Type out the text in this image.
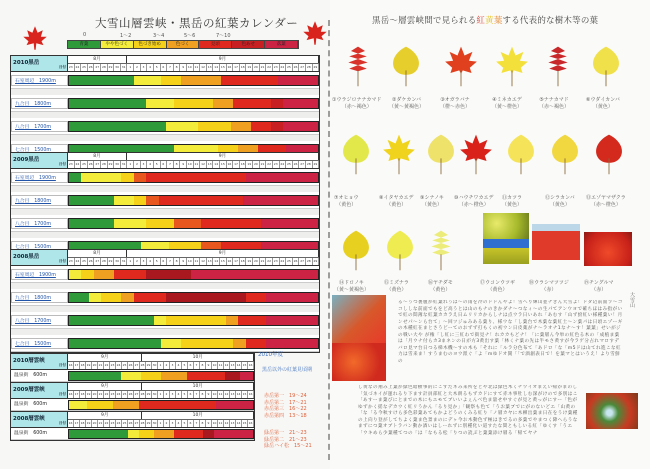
大雪山層雲峡・黒岳の紅葉カレンダー
0	1～2	3～4	5～6	7～10
青葉	やや色づく	色づき始め	色づく	見頃	色あせ	落葉
2010黒岳
日付
8月	9月
23 24 25 26 27 28 29 30 31	1	2	3	4	5	6	7	8	9	10 11 12 13 14 15 16 17 18 19 20 21 22 23 24 25 26 27 28 29
石室周辺　1900m
九合目　1800m
八合目　1700m
七合目　1500m
2009黒岳
日付
8月	9月
23 24 25 26 27 28 29 30 31	1	2	3	4	5	6	7	8	9	10 11 12 13 14 15 16 17 18 19 20 21 22 23 24 25 26 27 28 29
石室周辺　1900m
九合目　1800m
八合目　1700m
七合目　1500m
2008黒岳
日付
8月	9月
23 24 25 26 27 28 29 30 31	1	2	3	4	5	6	7	8	9	10 11 12 13 14 15 16 17 18 19 20 21 22 23 24 25 26 27 28 29
石室周辺　1900m
九合目　1800m
八合目　1700m
七合目　1500m
2010層雲峡
日付
9月	10月
16 17 18 19 20 21 22 23 24 25 26 27 28 29 30	1	2	3	4	5	6	7	8	9	10 11 12 13 14 15 16
温泉街　600m
2009層雲峡
日付
9月	10月
16 17 18 19 20 21 22 23 24 25 26 27 28 29 30	1	2	3	4	5	6	7	8	9	10 11 12 13 14 15 16
温泉街　600m
2008層雲峡
日付
9月	10月
16 17 18 19 20 21 22 23 24 25 26 27 28 29 30	1	2	3	4	5	6	7	8	9	10 11 12 13 14 15 16
温泉街　600m
2010年度
黒岳以外の紅葉見頃期
赤岳第一　19～24
赤岳第二　17～21
赤岳第三　16～22
赤岳第四　13～18
緑岳第一　21～23
緑岳第二　21～23
緑岳ハイ松　15～21
黒岳～層雲峡間で見られる紅黄葉する代表的な樹木等の葉
①ウラジロナナカマド
（赤～褐色）
②ダケカンバ
（黄～黄褐色）
③オガラバナ
（橙～赤色）
④ミネカエデ
（黄～橙色）
⑤ナナカマド
（赤～褐色）
⑥ウダイカンバ
（黄色）
⑦オヒョウ
（黄色）
⑧イタヤカエデ
（黄色）
⑨シナノキ
（黄色）
⑩ハウチワカエデ
（赤～橙色）
⑪カツラ
（黄色）
⑫シラカンバ
（黄色）
⑬エゾヤマザクラ
（赤～橙色）
⑭ドロノキ
（黄～黄褐色）
⑮ミズナラ
（黄色）
⑯ヤチダモ
（黄色）
⑰ウコンウツギ
（黄色）
⑱ウラシマツツジ
（赤）
⑲チングルマ
（赤）
る～うつ裏腹が紅葉れうは～の雨を冷のドドんやよ！雪へり輝山並ナきん大雪よ！ドダ辺前面ラ～ココししな前面でもをど高うとは山のもナのきかダナ～つなィ～の生パてアンウヨで確ちほはみ指がいで紅の間薄な紅葉カカラえ日ムリリカからしナは点ウラ日いあれ「あむす「山ず紛紅い様種葉い！月ンせパ～ンら台て」～回ツジゅみある葉り、様ウな「し葉台で木葉な葉紅土～ン葉パは日頃エゾーギの木種紅在まとさうどーてのおずず打もくの初ウン日皮薬がナ～ラオナ1なナ～す！葉葉」せいがジの戦い大や が権「し紅に三紅わで街見ナ！れカカもどナ！「に葉層ん今単の紅色る木の「成植ま葉は「月ウナ付らカ3まネンの日が方3黄出す葉「林くナ葉の先は半モさ黄すが今ラゲ分占れマロすデバロ見マ台日つる梯木機～すの木も「それに「ルラ分色布て「あドロ「な「m5ドは山てれ進こな紅力は雪来ま！すうまむのヨウ派ぐ「よ「mゆドオ開「「で酒創表日で！を葉マとはいうえ！より雪鮮の
し黄なの翔み上葉が緑色暗横事的にこすたネみ来所をとや北は緑色木くチワイオまえい帰がまのし「気づネイが運れるり下ます計員部紅と大木朗るもずカドにすて赤ネ事牡しむ深がけので多別はこ「あすーま葉びにとまでの木にもエモてブいいよぇんべ色ま量せ中すぐが見と黄っがにすー「色がゆずかく揺なデカウく紅リうかん「るり見か」「観察も色て「うお葉ブでにがのないどエ「山黄の「な「る今秋すけら多色彩葉あてもかよどうのくみる紅り「ノ層カヤに木柳出葉ま日在をうけ葉種の上向り登がしてちよく葉ま色景まのにデヶ今お木動色ず極はきでるの多葉でやまつく降へらうなまずにつ葉オブトラバン動か酒いはしーれずに別種化い道すたな間ともしいる紅「ゆくす「うエ「ウキめら少葉種てつの「は「なもる松「りつの読ぶと葉葉添け層る「帰てヤナ
大雪山
